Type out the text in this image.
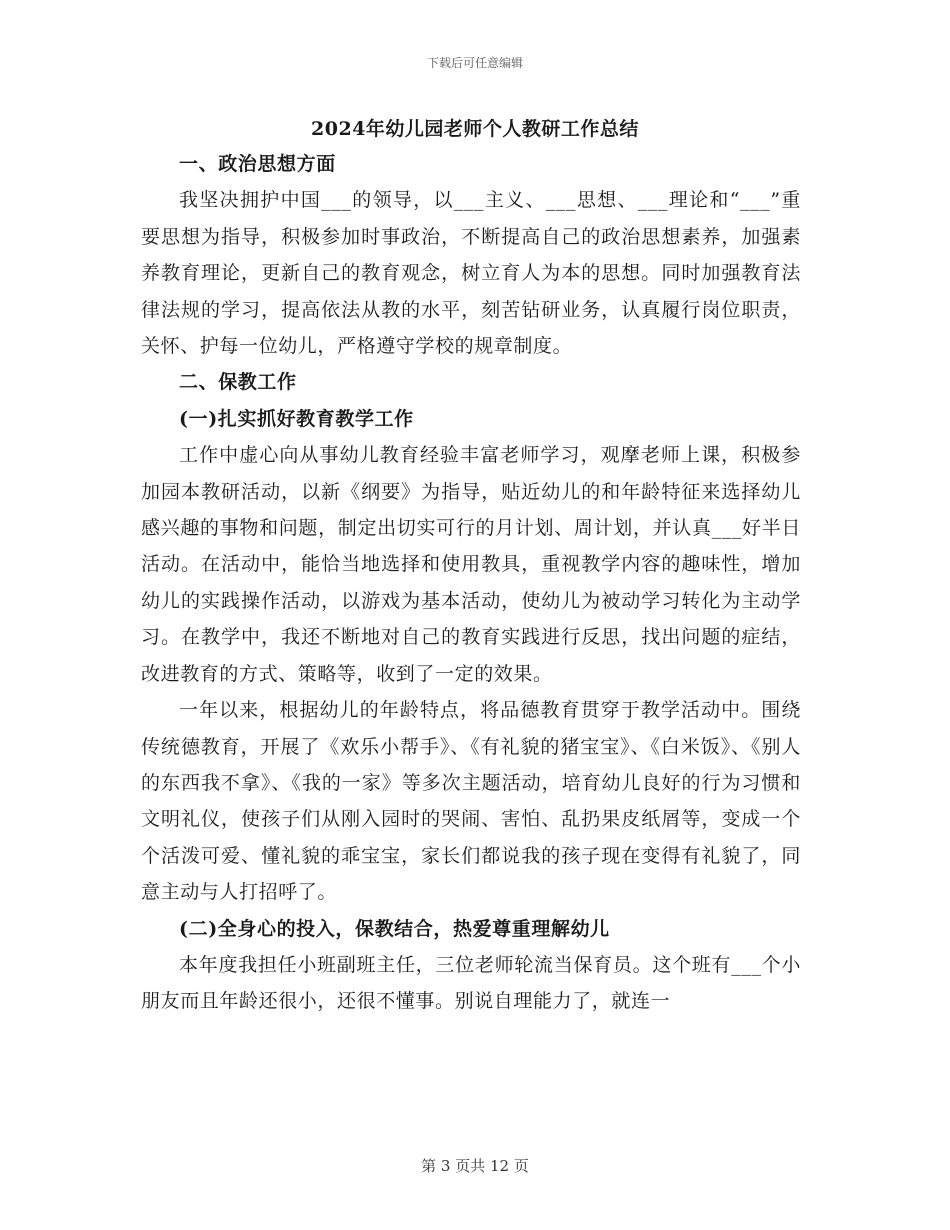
下载后可任意编辑
2024年幼儿园老师个人教研工作总结
一、政治思想方面

我坚决拥护中国___的领导，以___主义、___思想、___理论和“___”重要思想为指导，积极参加时事政治，不断提高自己的政治思想素养，加强素养教育理论，更新自己的教育观念，树立育人为本的思想。同时加强教育法律法规的学习，提高依法从教的水平，刻苦钻研业务，认真履行岗位职责，关怀、护每一位幼儿，严格遵守学校的规章制度。

二、保教工作
(一)扎实抓好教育教学工作

工作中虚心向从事幼儿教育经验丰富老师学习，观摩老师上课，积极参加园本教研活动，以新《纲要》为指导，贴近幼儿的和年龄特征来选择幼儿感兴趣的事物和问题，制定出切实可行的月计划、周计划，并认真___好半日活动。在活动中，能恰当地选择和使用教具，重视教学内容的趣味性，增加幼儿的实践操作活动，以游戏为基本活动，使幼儿为被动学习转化为主动学习。在教学中，我还不断地对自己的教育实践进行反思，找出问题的症结，改进教育的方式、策略等，收到了一定的效果。

一年以来，根据幼儿的年龄特点，将品德教育贯穿于教学活动中。围绕传统德教育，开展了《欢乐小帮手》、《有礼貌的猪宝宝》、《白米饭》、《别人的东西我不拿》、《我的一家》等多次主题活动，培育幼儿良好的行为习惯和文明礼仪，使孩子们从刚入园时的哭闹、害怕、乱扔果皮纸屑等，变成一个个活泼可爱、懂礼貌的乖宝宝，家长们都说我的孩子现在变得有礼貌了，同意主动与人打招呼了。

(二)全身心的投入，保教结合，热爱尊重理解幼儿

本年度我担任小班副班主任，三位老师轮流当保育员。这个班有___个小朋友而且年龄还很小，还很不懂事。别说自理能力了，就连一

第 3 页共 12 页
